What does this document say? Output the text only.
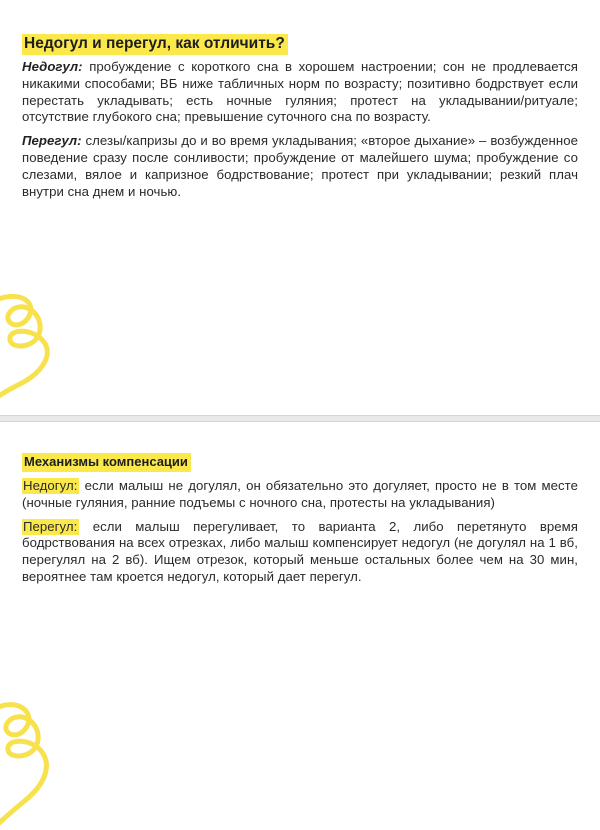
Недогул и перегул, как отличить?

Недогул: пробуждение с короткого сна в хорошем настроении; сон не продлевается никакими способами; ВБ ниже табличных норм по возрасту; позитивно бодрствует если перестать укладывать; есть ночные гуляния; протест на укладывании/ритуале; отсутствие глубокого сна; превышение суточного сна по возрасту.

Перегул: слезы/капризы до и во время укладывания; «второе дыхание» – возбужденное поведение сразу после сонливости; пробуждение от малейшего шума; пробуждение со слезами, вялое и капризное бодрствование; протест при укладывании; резкий плач внутри сна днем и ночью.

Механизмы компенсации

Недогул: если малыш не догулял, он обязательно это догуляет, просто не в том месте (ночные гуляния, ранние подъемы с ночного сна, протесты на укладывания)

Перегул: если малыш перегуливает, то варианта 2, либо перетянуто время бодрствования на всех отрезках, либо малыш компенсирует недогул (не догулял на 1 вб, перегулял на 2 вб). Ищем отрезок, который меньше остальных более чем на 30 мин, вероятнее там кроется недогул, который дает перегул.
